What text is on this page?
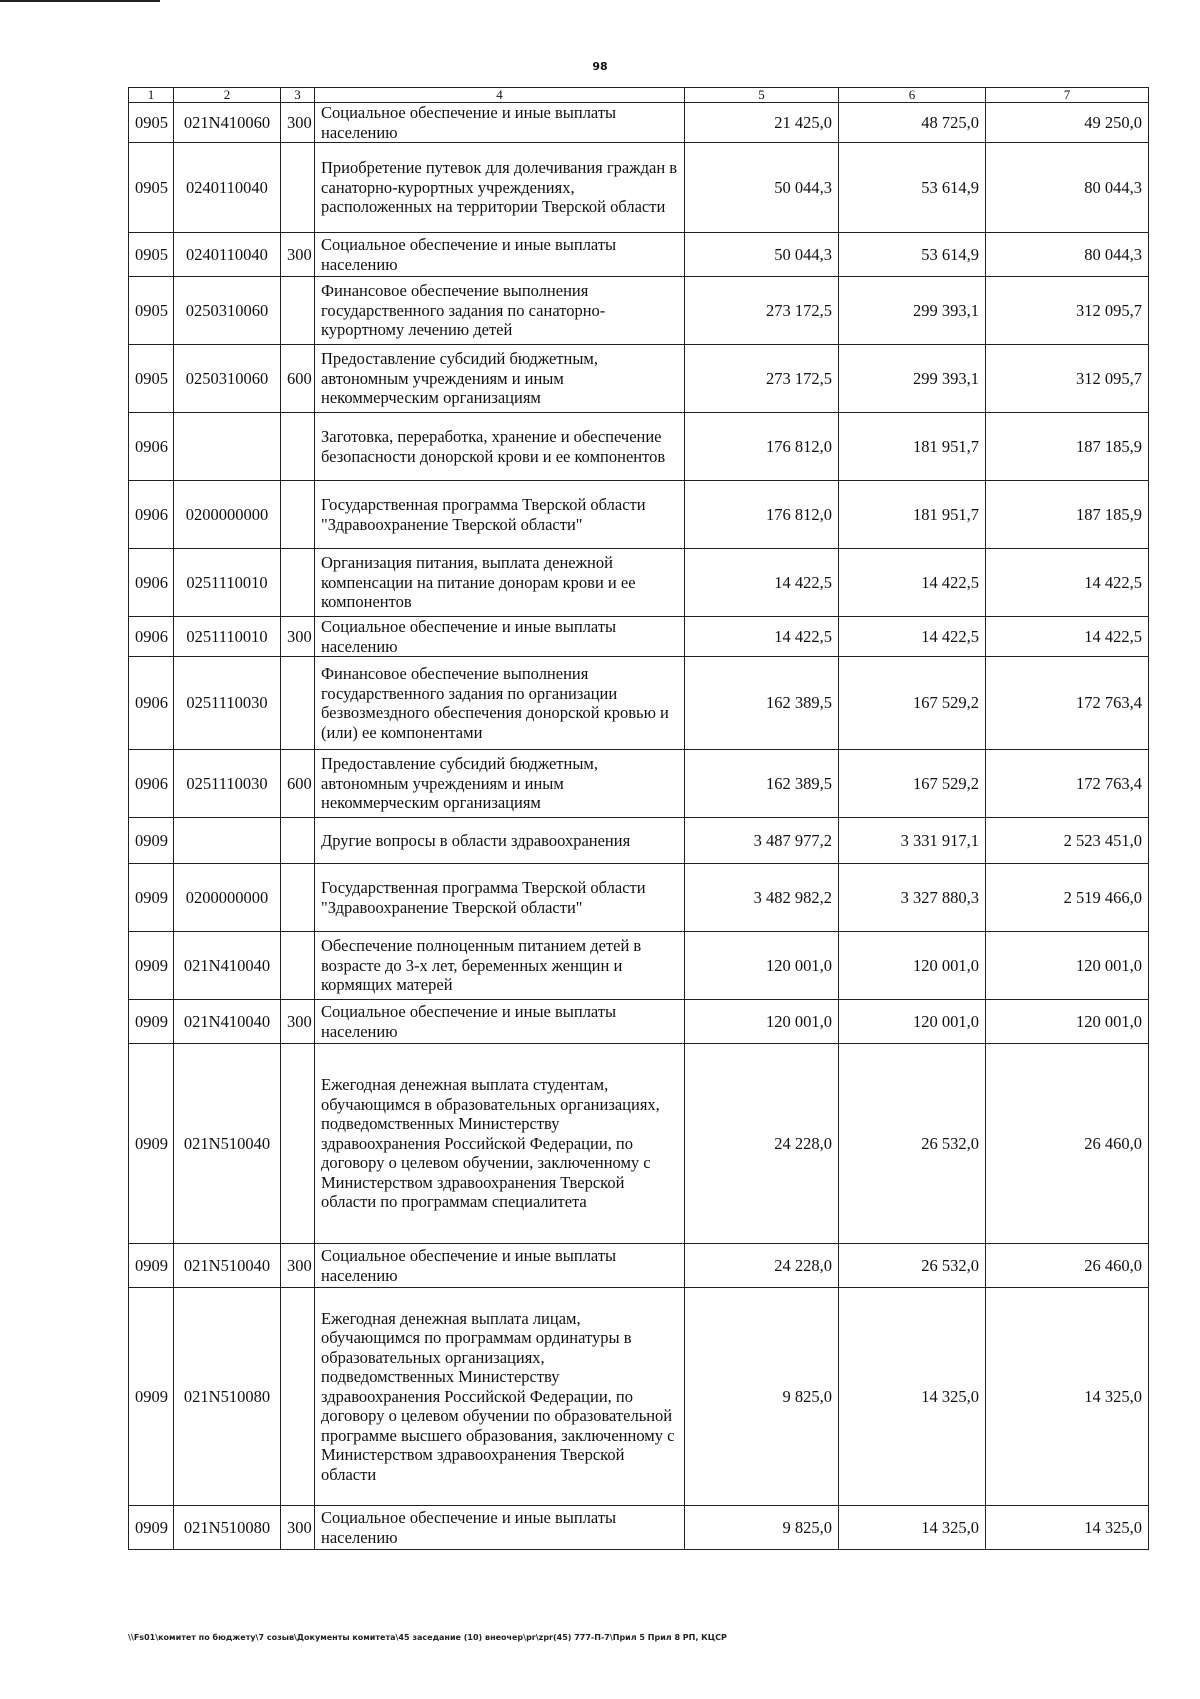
98
1	2	3	4	5	6	7
0905	021N410060	300	Социальное обеспечение и иные выплаты населению	21 425,0	48 725,0	49 250,0
0905	0240110040		Приобретение путевок для долечивания граждан в санаторно-курортных учреждениях, расположенных на территории Тверской области	50 044,3	53 614,9	80 044,3
0905	0240110040	300	Социальное обеспечение и иные выплаты населению	50 044,3	53 614,9	80 044,3
0905	0250310060		Финансовое обеспечение выполнения государственного задания по санаторно-курортному лечению детей	273 172,5	299 393,1	312 095,7
0905	0250310060	600	Предоставление субсидий бюджетным, автономным учреждениям и иным некоммерческим организациям	273 172,5	299 393,1	312 095,7
0906			Заготовка, переработка, хранение и обеспечение безопасности донорской крови и ее компонентов	176 812,0	181 951,7	187 185,9
0906	0200000000		Государственная программа Тверской области "Здравоохранение Тверской области"	176 812,0	181 951,7	187 185,9
0906	0251110010		Организация питания, выплата денежной компенсации на питание донорам крови и ее компонентов	14 422,5	14 422,5	14 422,5
0906	0251110010	300	Социальное обеспечение и иные выплаты населению	14 422,5	14 422,5	14 422,5
0906	0251110030		Финансовое обеспечение выполнения государственного задания по организации безвозмездного обеспечения донорской кровью и (или) ее компонентами	162 389,5	167 529,2	172 763,4
0906	0251110030	600	Предоставление субсидий бюджетным, автономным учреждениям и иным некоммерческим организациям	162 389,5	167 529,2	172 763,4
0909			Другие вопросы в области здравоохранения	3 487 977,2	3 331 917,1	2 523 451,0
0909	0200000000		Государственная программа Тверской области "Здравоохранение Тверской области"	3 482 982,2	3 327 880,3	2 519 466,0
0909	021N410040		Обеспечение полноценным питанием детей в возрасте до 3-х лет, беременных женщин и кормящих матерей	120 001,0	120 001,0	120 001,0
0909	021N410040	300	Социальное обеспечение и иные выплаты населению	120 001,0	120 001,0	120 001,0
0909	021N510040		Ежегодная денежная выплата студентам, обучающимся в образовательных организациях, подведомственных Министерству здравоохранения Российской Федерации, по договору о целевом обучении, заключенному с Министерством здравоохранения Тверской области по программам специалитета	24 228,0	26 532,0	26 460,0
0909	021N510040	300	Социальное обеспечение и иные выплаты населению	24 228,0	26 532,0	26 460,0
0909	021N510080		Ежегодная денежная выплата лицам, обучающимся по программам ординатуры в образовательных организациях, подведомственных Министерству здравоохранения Российской Федерации, по договору о целевом обучении по образовательной программе высшего образования, заключенному с Министерством здравоохранения Тверской области	9 825,0	14 325,0	14 325,0
0909	021N510080	300	Социальное обеспечение и иные выплаты населению	9 825,0	14 325,0	14 325,0
\\Fs01\комитет по бюджету\7 созыв\Документы комитета\45 заседание (10) внеочер\pr\zpr(45) 777-П-7\Прил 5 Прил 8 РП, КЦСР
